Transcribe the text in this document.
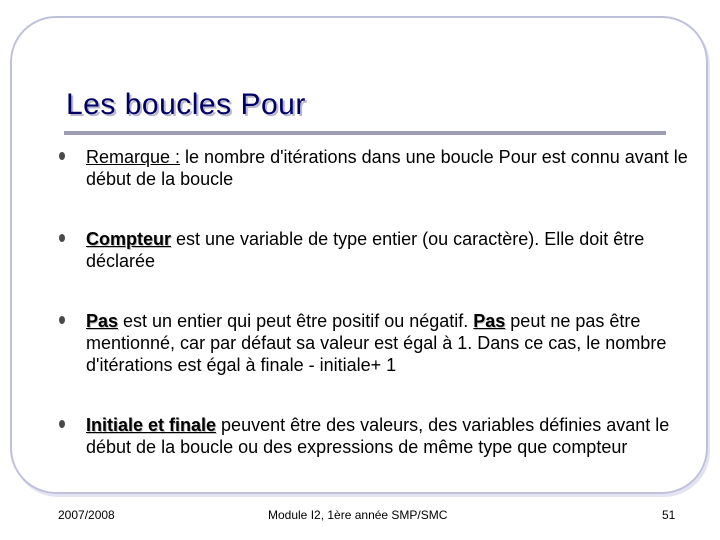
Les boucles Pour
Remarque : le nombre d'itérations dans une boucle Pour est connu avant le début de la boucle
Compteur est une variable de type entier (ou caractère). Elle doit être déclarée
Pas est un entier qui peut être positif ou négatif. Pas peut ne pas être mentionné, car par défaut sa valeur est égal à 1. Dans ce cas, le nombre d'itérations est égal à finale - initiale+ 1
Initiale et finale peuvent être des valeurs, des variables définies avant le début de la boucle ou des expressions de même type que compteur
2007/2008	Module I2, 1ère année SMP/SMC	51
